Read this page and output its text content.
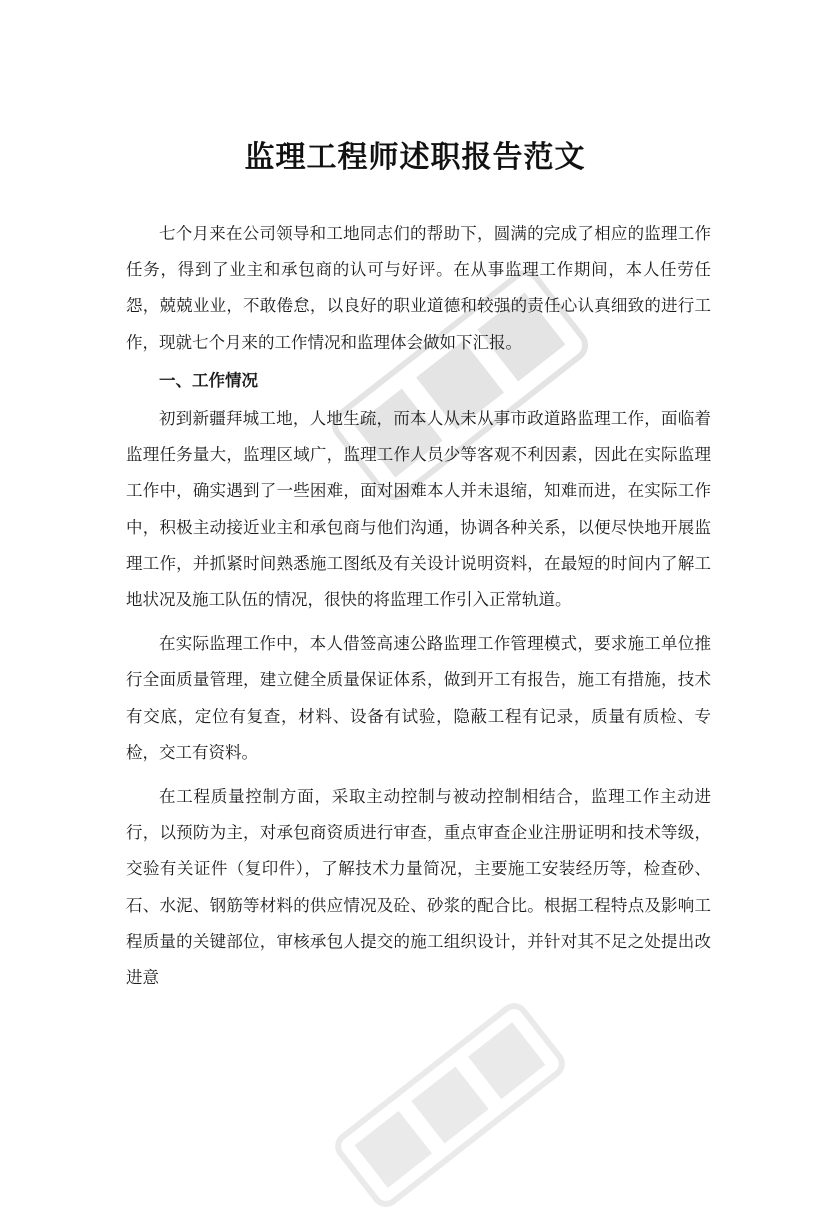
监理工程师述职报告范文

七个月来在公司领导和工地同志们的帮助下，圆满的完成了相应的监理工作任务，得到了业主和承包商的认可与好评。在从事监理工作期间，本人任劳任怨，兢兢业业，不敢倦怠，以良好的职业道德和较强的责任心认真细致的进行工作，现就七个月来的工作情况和监理体会做如下汇报。

一、工作情况

初到新疆拜城工地，人地生疏，而本人从未从事市政道路监理工作，面临着监理任务量大，监理区域广，监理工作人员少等客观不利因素，因此在实际监理工作中，确实遇到了一些困难，面对困难本人并未退缩，知难而进，在实际工作中，积极主动接近业主和承包商与他们沟通，协调各种关系，以便尽快地开展监理工作，并抓紧时间熟悉施工图纸及有关设计说明资料，在最短的时间内了解工地状况及施工队伍的情况，很快的将监理工作引入正常轨道。

在实际监理工作中，本人借签高速公路监理工作管理模式，要求施工单位推行全面质量管理，建立健全质量保证体系，做到开工有报告，施工有措施，技术有交底，定位有复查，材料、设备有试验，隐蔽工程有记录，质量有质检、专检，交工有资料。

在工程质量控制方面，采取主动控制与被动控制相结合，监理工作主动进行，以预防为主，对承包商资质进行审查，重点审查企业注册证明和技术等级，交验有关证件（复印件），了解技术力量简况，主要施工安装经历等，检查砂、石、水泥、钢筋等材料的供应情况及砼、砂浆的配合比。根据工程特点及影响工程质量的关键部位，审核承包人提交的施工组织设计，并针对其不足之处提出改进意
